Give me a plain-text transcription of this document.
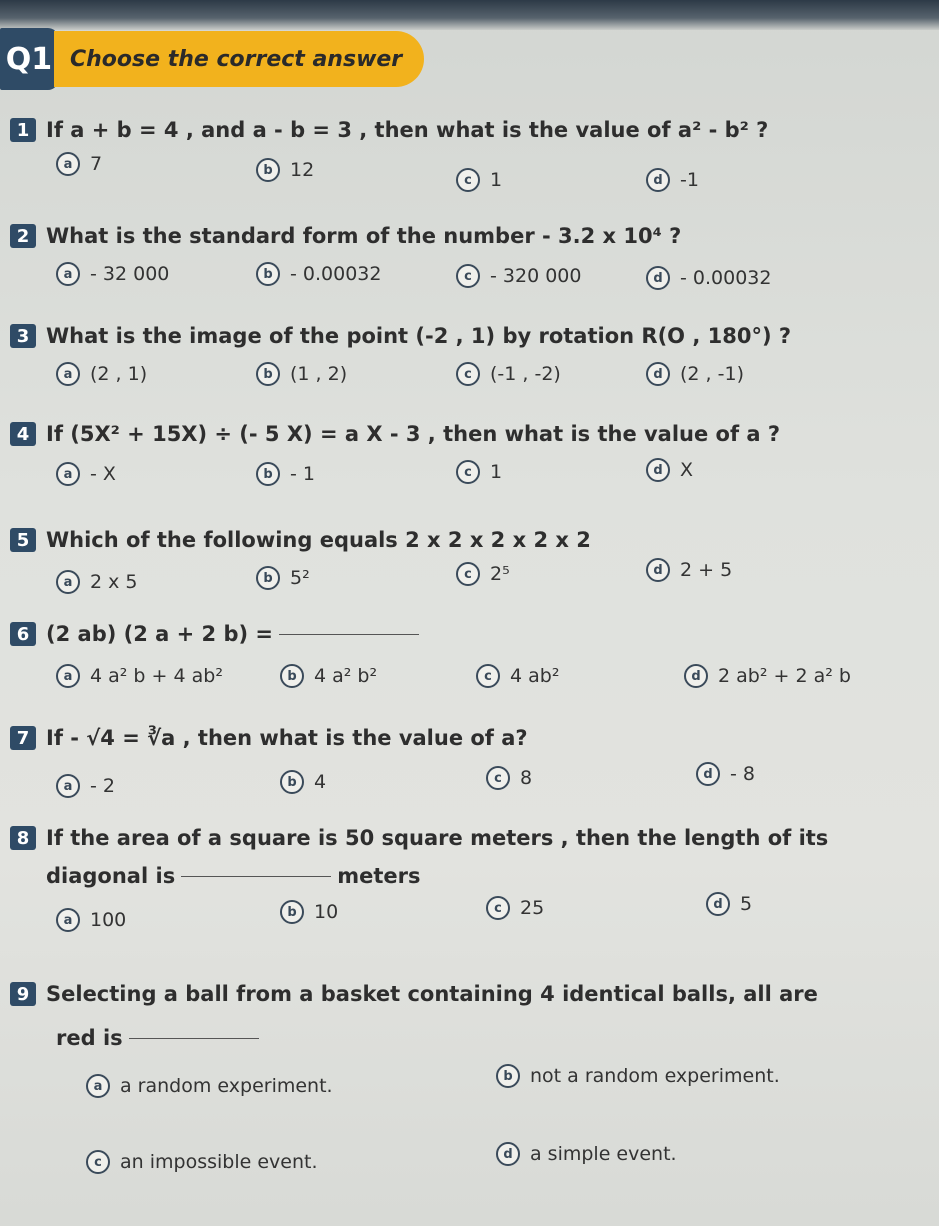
Q1 Choose the correct answer
1 If a + b = 4 , and a - b = 3 , then what is the value of a² - b² ?
a 7	b 12	c 1	d -1
2 What is the standard form of the number - 3.2 x 10⁴ ?
a - 32 000	b - 0.00032	c - 320 000	d - 0.00032
3 What is the image of the point (-2 , 1) by rotation R(O , 180°) ?
a (2 , 1)	b (1 , 2)	c (-1 , -2)	d (2 , -1)
4 If (5X² + 15X) ÷ (- 5 X) = a X - 3 , then what is the value of a ?
a - X	b - 1	c 1	d X
5 Which of the following equals 2 x 2 x 2 x 2 x 2
a 2 x 5	b 5²	c 2⁵	d 2 + 5
6 (2 ab) (2 a + 2 b) =
a 4 a² b + 4 ab²	b 4 a² b²	c 4 ab²	d 2 ab² + 2 a² b
7 If - √4 = ∛a , then what is the value of a?
a - 2	b 4	c 8	d - 8
8 If the area of a square is 50 square meters , then the length of its
diagonal is	meters
a 100	b 10	c 25	d 5
9 Selecting a ball from a basket containing 4 identical balls, all are
red is
a a random experiment.	b not a random experiment.
c an impossible event.	d a simple event.
